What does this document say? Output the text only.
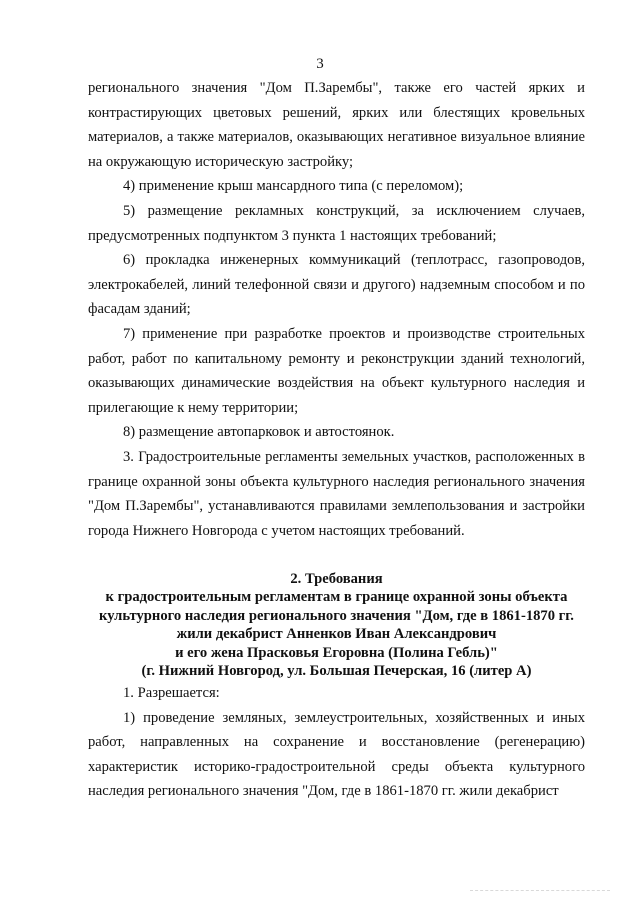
3

регионального значения "Дом П.Зарембы", также его частей ярких и контрастирующих цветовых решений, ярких или блестящих кровельных материалов, а также материалов, оказывающих негативное визуальное влияние на окружающую историческую застройку;

4) применение крыш мансардного типа (с переломом);

5) размещение рекламных конструкций, за исключением случаев, предусмотренных подпунктом 3 пункта 1 настоящих требований;

6) прокладка инженерных коммуникаций (теплотрасс, газопроводов, электрокабелей, линий телефонной связи и другого) надземным способом и по фасадам зданий;

7) применение при разработке проектов и производстве строительных работ, работ по капитальному ремонту и реконструкции зданий технологий, оказывающих динамические воздействия на объект культурного наследия и прилегающие к нему территории;

8) размещение автопарковок и автостоянок.

3. Градостроительные регламенты земельных участков, расположенных в границе охранной зоны объекта культурного наследия регионального значения "Дом П.Зарембы", устанавливаются правилами землепользования и застройки города Нижнего Новгорода с учетом настоящих требований.

2. Требования
к градостроительным регламентам в границе охранной зоны объекта
культурного наследия регионального значения "Дом, где в 1861-1870 гг.
жили декабрист Анненков Иван Александрович
и его жена Прасковья Егоровна (Полина Гебль)"
(г. Нижний Новгород, ул. Большая Печерская, 16 (литер А)

1. Разрешается:

1) проведение земляных, землеустроительных, хозяйственных и иных работ, направленных на сохранение и восстановление (регенерацию) характеристик историко-градостроительной среды объекта культурного наследия регионального значения "Дом, где в 1861-1870 гг. жили декабрист
